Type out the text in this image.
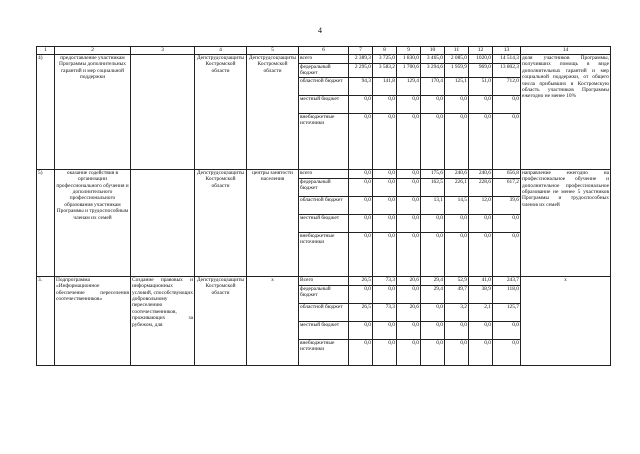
4
1	2	3	4	5	6	7	8	9	10	11	12	13	14
4)	предоставление участникам Программы дополнительных гарантий и мер социальной поддержки		Депструдсоцзащиты Костромской области	Депструдсоцзащиты Костромской области	всего	2 389,3	3 725,0	1 830,0	3 465,0	2 085,0	1020,0	14 514,3	доля участников Программы, получивших помощь в виде дополнительных гарантий и мер социальной поддержки, от общего числа прибывших в Костромскую область участников Программы ежегодно не менее 10%
					федеральный бюджет	2 295,0	3 583,2	1 700,6	3 294,6	1 959,9	969,0	13 802,3	
					областной бюджет	94,3	141,8	129,4	170,4	125,1	51,0	712,0	
					местный бюджет	0,0	0,0	0,0	0,0	0,0	0,0	0,0	
					внебюджетные источники	0,0	0,0	0,0	0,0	0,0	0,0	0,0	
5)	оказание содействия в организации профессионального обучения и дополнительного профессионального образования участникам Программы и трудоспособным членам их семей		Депструдсоцзащиты Костромской области	центры занятости населения	всего	0,0	0,0	0,0	175,6	240,6	240,6	656,8	направление ежегодно на профессиональное обучение и дополнительное профессиональное образование не менее 5 участников Программы и трудоспособных членов их семей
					федеральный бюджет	0,0	0,0	0,0	162,5	226,1	228,6	617,2	
					областной бюджет	0,0	0,0	0,0	13,1	14,5	12,0	39,6	
					местный бюджет	0,0	0,0	0,0	0,0	0,0	0,0	0,0	
					внебюджетные источники	0,0	0,0	0,0	0,0	0,0	0,0	0,0	
3.	Подпрограмма «Информационное обеспечение переселения соотечественников»	Создание правовых и информационных условий, способствующих добровольному переселению соотечественников, проживающих за рубежом, для	Депструдсоцзащиты Костромской области	х	Всего	26,5	73,3	20,6	29,4	52,9	41,0	243,7	х
					федеральный бюджет	0,0	0,0	0,0	29,4	49,7	38,9	118,0	
					областной бюджет	26,5	73,3	20,6	0,0	3,2	2,1	125,7	
					местный бюджет	0,0	0,0	0,0	0,0	0,0	0,0	0,0	
					внебюджетные источники	0,0	0,0	0,0	0,0	0,0	0,0	0,0	
